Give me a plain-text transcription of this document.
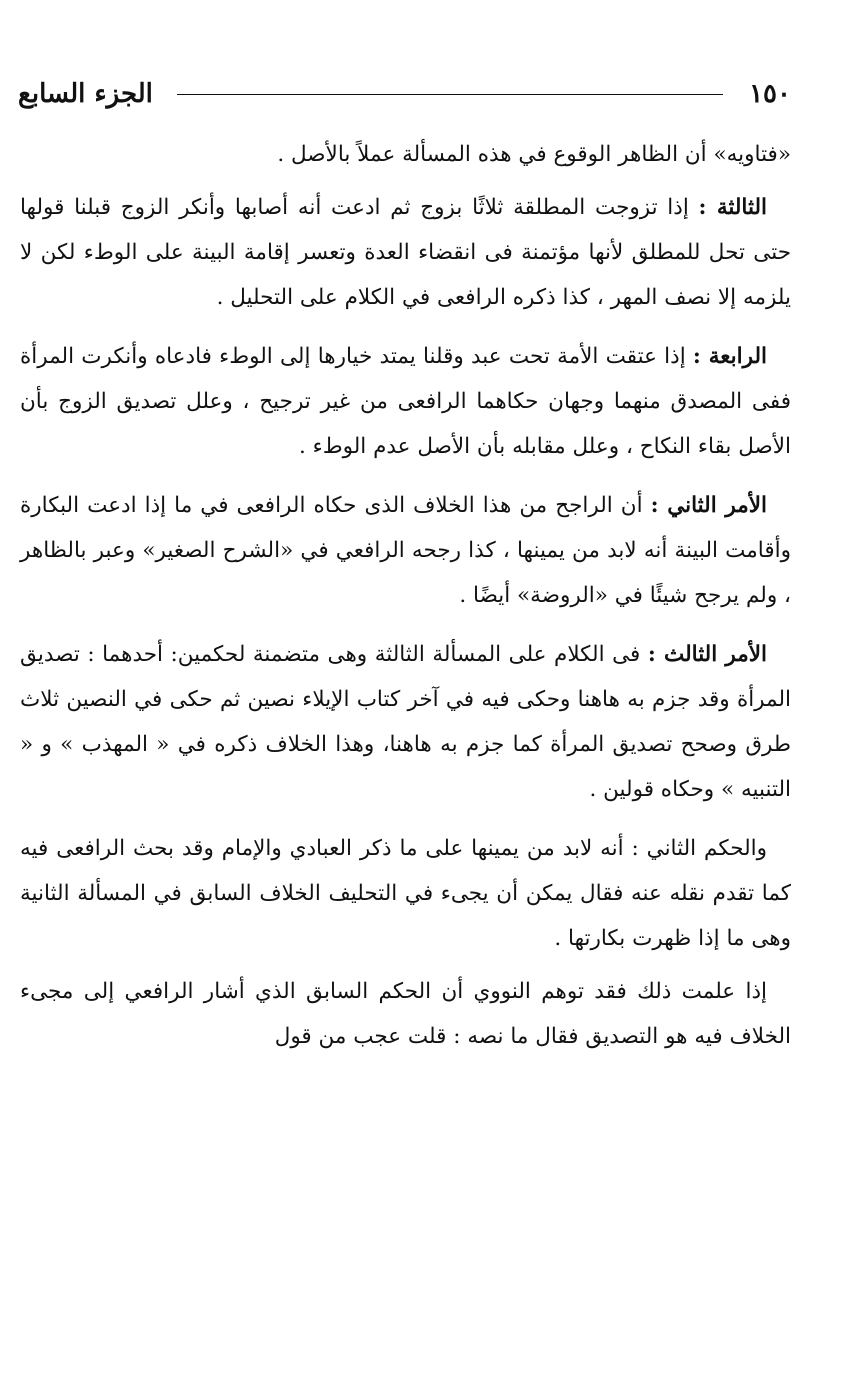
١٥٠
الجزء السابع

«فتاويه» أن الظاهر الوقوع في هذه المسألة عملاً بالأصل .

الثالثة : إذا تزوجت المطلقة ثلاثًا بزوج ثم ادعت أنه أصابها وأنكر الزوج قبلنا قولها حتى تحل للمطلق لأنها مؤتمنة فى انقضاء العدة وتعسر إقامة البينة على الوطء لكن لا يلزمه إلا نصف المهر ، كذا ذكره الرافعى في الكلام على التحليل .

الرابعة : إذا عتقت الأمة تحت عبد وقلنا يمتد خيارها إلى الوطء فادعاه وأنكرت المرأة ففى المصدق منهما وجهان حكاهما الرافعى من غير ترجيح ، وعلل تصديق الزوج بأن الأصل بقاء النكاح ، وعلل مقابله بأن الأصل عدم الوطء .

الأمر الثاني : أن الراجح من هذا الخلاف الذى حكاه الرافعى في ما إذا ادعت البكارة وأقامت البينة أنه لابد من يمينها ، كذا رجحه الرافعي في «الشرح الصغير» وعبر بالظاهر ، ولم يرجح شيئًا في «الروضة» أيضًا .

الأمر الثالث : فى الكلام على المسألة الثالثة وهى متضمنة لحكمين: أحدهما : تصديق المرأة وقد جزم به هاهنا وحكى فيه في آخر كتاب الإيلاء نصين ثم حكى في النصين ثلاث طرق وصحح تصديق المرأة كما جزم به هاهنا، وهذا الخلاف ذكره في « المهذب » و « التنبيه » وحكاه قولين .

والحكم الثاني : أنه لابد من يمينها على ما ذكر العبادي والإمام وقد بحث الرافعى فيه كما تقدم نقله عنه فقال يمكن أن يجىء في التحليف الخلاف السابق في المسألة الثانية وهى ما إذا ظهرت بكارتها .

إذا علمت ذلك فقد توهم النووي أن الحكم السابق الذي أشار الرافعي إلى مجىء الخلاف فيه هو التصديق فقال ما نصه : قلت عجب من قول
